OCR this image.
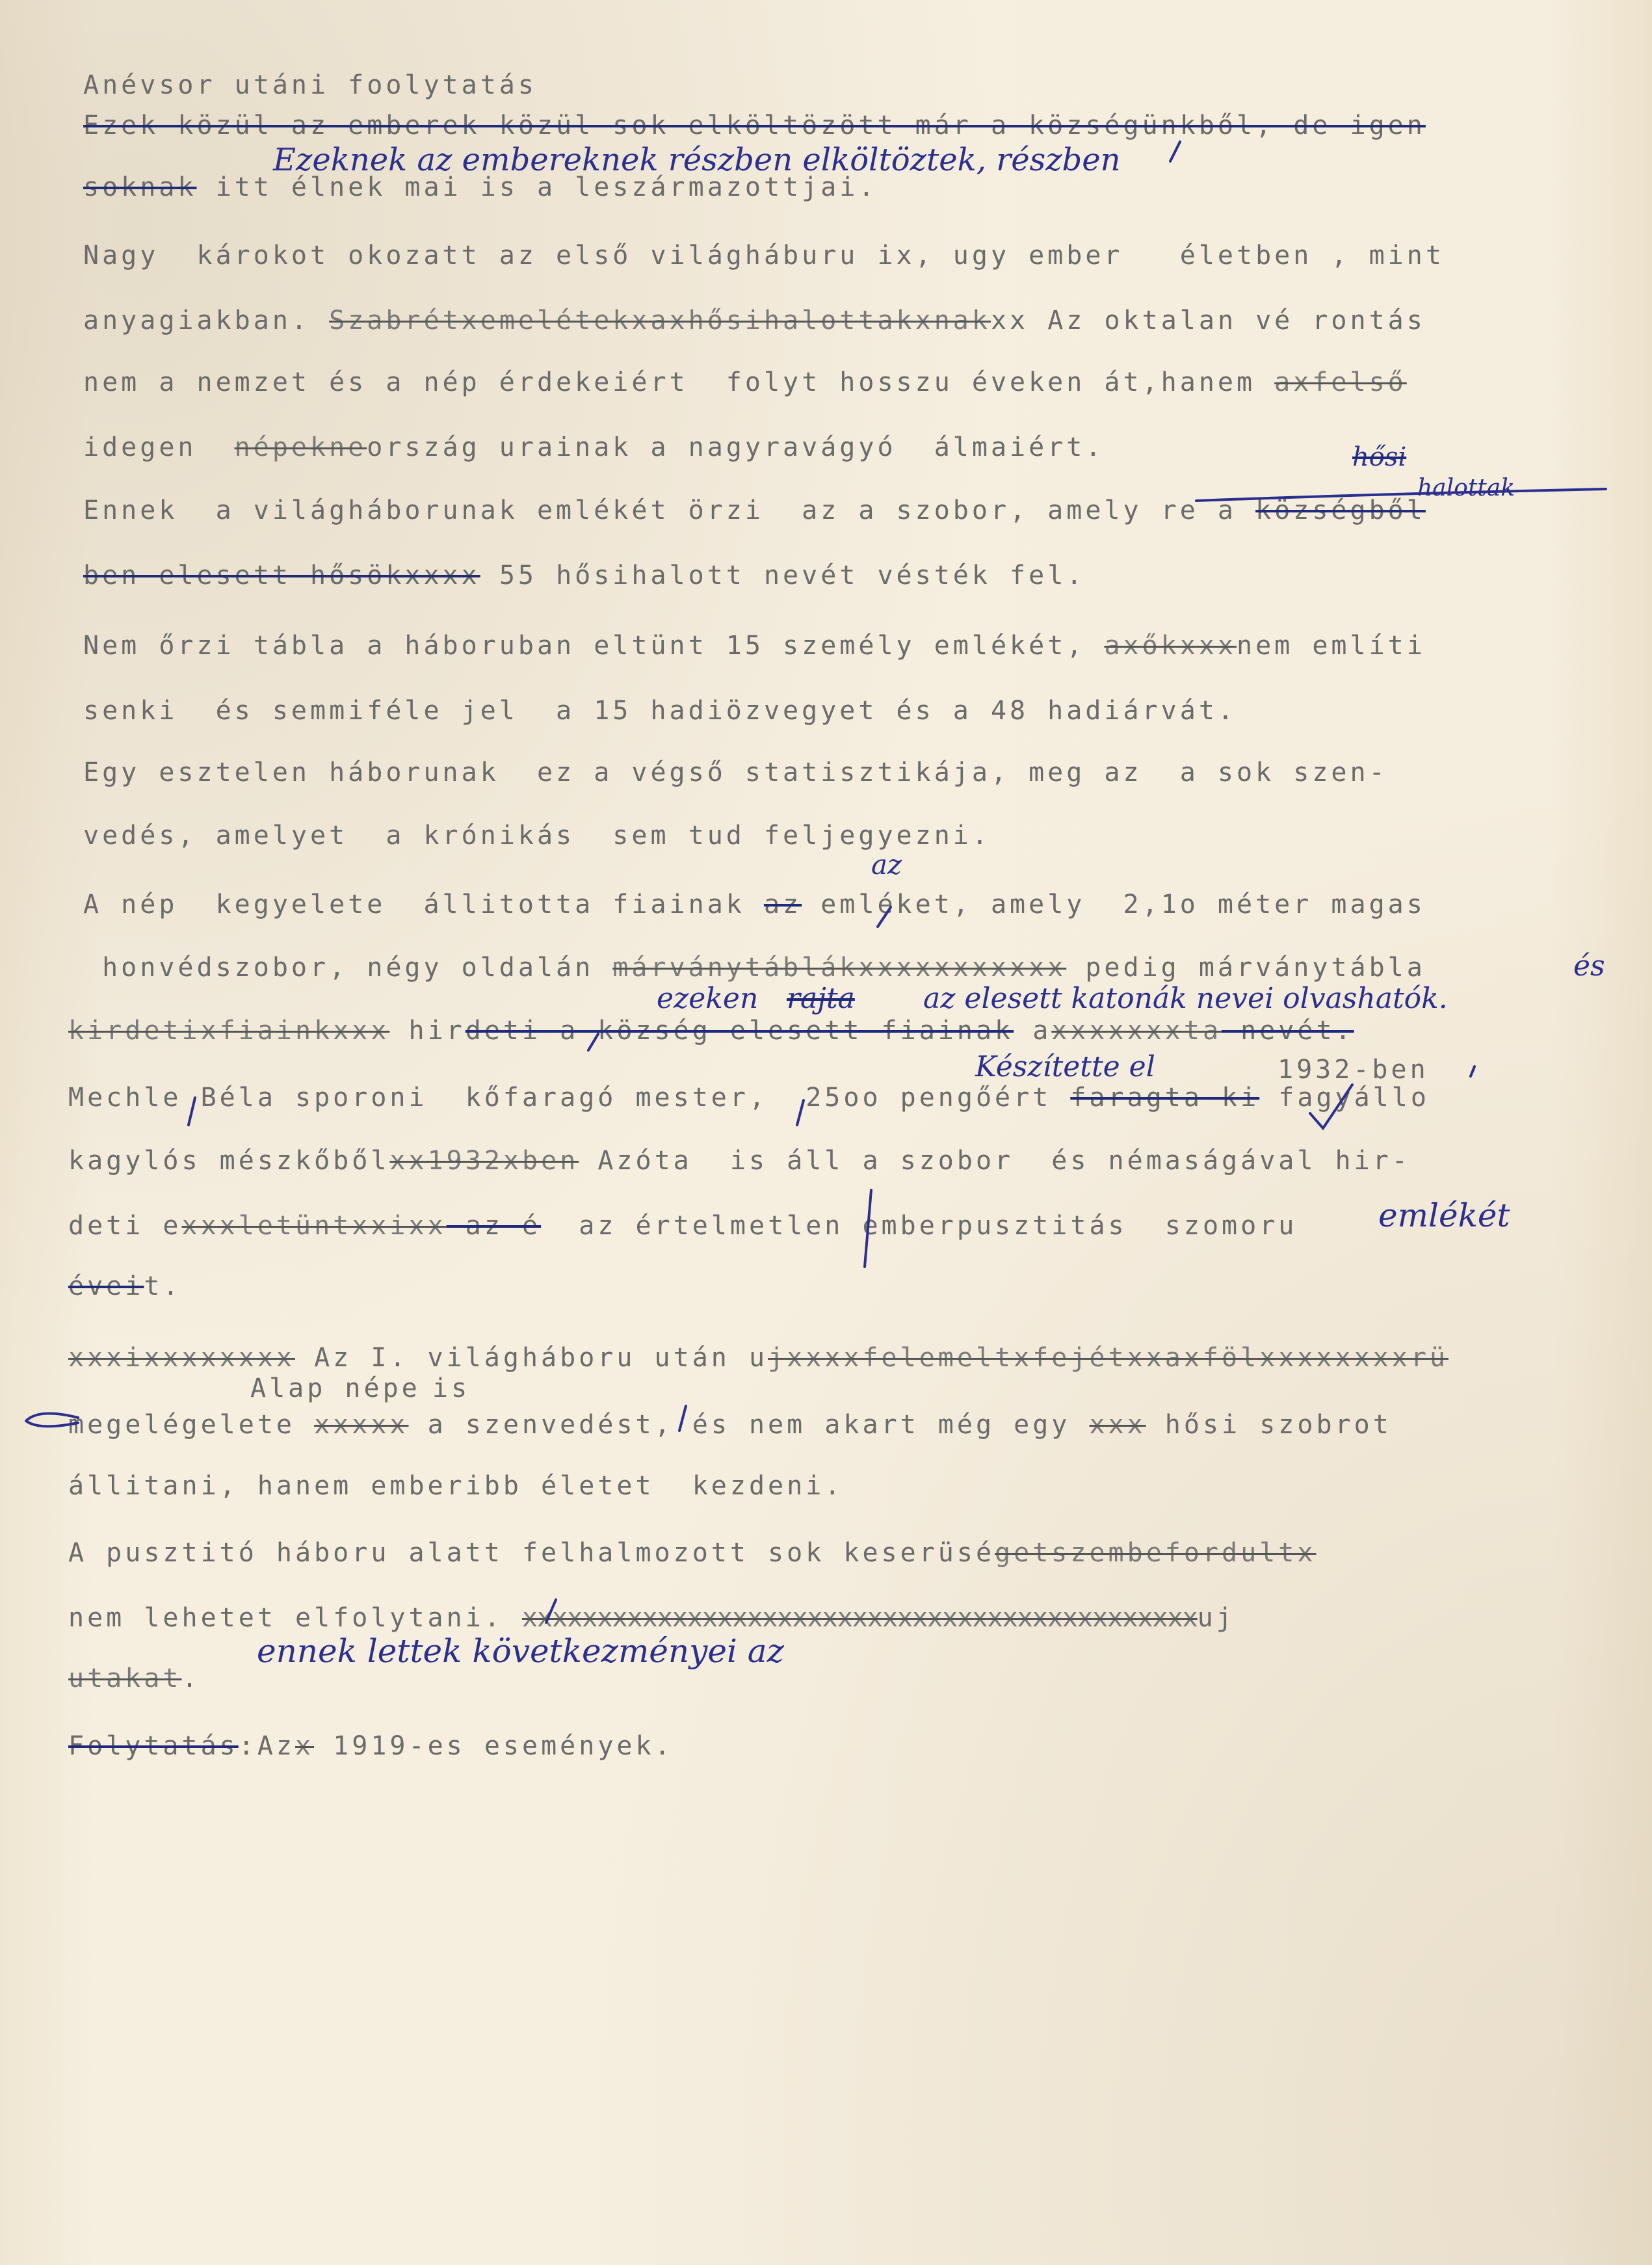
Anévsor utáni foolytatás
Ezek közül az emberek közül sok elköltözött már a községünkből, de igen
Ezeknek az embereknek részben elköltöztek, részben
soknak itt élnek mai is a leszármazottjai.
Nagy  károkot okozatt az első világháburu ix, ugy ember   életben , mint
anyagiakban. Szabrétxemelétekxaxhősihalottakxnakxx Az oktalan vé rontás
nem a nemzet és a nép érdekeiért  folyt hosszu éveken át,hanem axfelső
idegen  népekneország urainak a nagyravágyó  álmaiért.	hősi
halottak
Ennek  a világháborunak emlékét örzi  az a szobor, amely re a községből
ben elesett hősökxxxx 55 hősihalott nevét vésték fel.
Nem őrzi tábla a háboruban eltünt 15 személy emlékét, axőkxxxnem említi
senki  és semmiféle jel  a 15 hadiözvegyet és a 48 hadiárvát.
Egy esztelen háborunak  ez a végső statisztikája, meg az  a sok szen-
vedés, amelyet  a krónikás  sem tud feljegyezni.
az
A nép  kegyelete  állitotta fiainak az emléket, amely  2,1o méter magas
honvédszobor, négy oldalán márványtáblákxxxxxxxxxxx pedig márványtábla	és
ezeken rajta az elesett katonák nevei olvashatók.
kirdetixfiainkxxx hirdeti a község elesett fiainak axxxxxxxta nevét.
Készítette el	1932-ben
Mechle Béla sporoni  kőfaragó mester,  25oo pengőért faragta ki fagyállo
kagylós mészkőbőlxx1932xben Azóta  is áll a szobor  és némaságával hir-
deti exxxletüntxxixx az é  az értelmetlen emberpusztitás  szomoru emlékét
éveit.
xxxixxxxxxxx Az I. világháboru után ujxxxxfelemeltxfejétxxaxfölxxxxxxxxrü
Alap népe is
megelégelete xxxxx a szenvedést, és nem akart még egy xxx hősi szobrot
állitani, hanem emberibb életet  kezdeni.
A pusztitó háboru alatt felhalmozott sok keserüségetszembefordultx
nem lehetet elfolytani. xxxxxxxxxxxxxxxxxxxxxxxxxxxxxxxxxxxxxxxxxxxxxuj
ennek lettek következményei az
utakat.
Folytatás:Azx 1919-es események.
